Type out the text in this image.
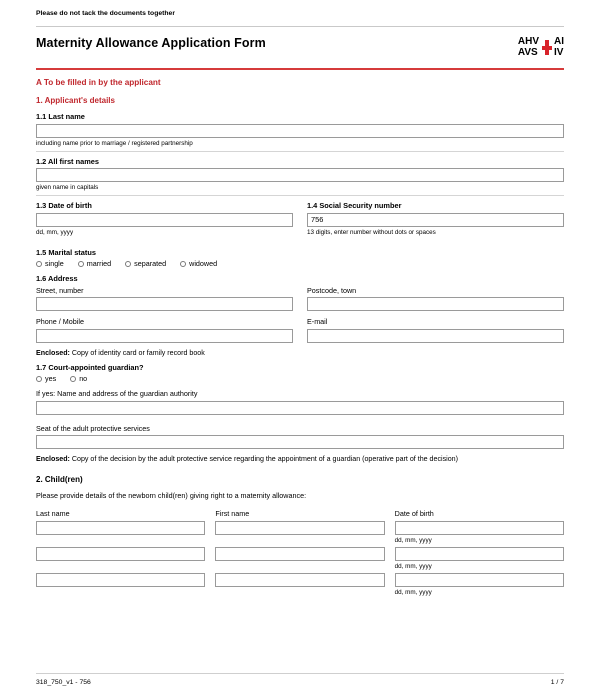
Please do not tack the documents together
Maternity Allowance Application Form	AHV
AVS
AI
IV
A To be filled in by the applicant
1. Applicant's details
1.1 Last name
including name prior to marriage / registered partnership
1.2 All first names
given name in capitals
1.3 Date of birth
dd, mm, yyyy
1.4 Social Security number
756
13 digits, enter number without dots or spaces
1.5 Marital status
single	married	separated	widowed
1.6 Address
Street, number	Postcode, town
Phone / Mobile	E-mail
Enclosed: Copy of identity card or family record book
1.7 Court-appointed guardian?
yes	no
If yes: Name and address of the guardian authority
Seat of the adult protective services
Enclosed: Copy of the decision by the adult protective service regarding the appointment of a guardian (operative part of the decision)
2. Child(ren)
Please provide details of the newborn child(ren) giving right to a maternity allowance:
Last name	First name	Date of birth
dd, mm, yyyy
dd, mm, yyyy
dd, mm, yyyy
318_750_v1 - 756	1 / 7
